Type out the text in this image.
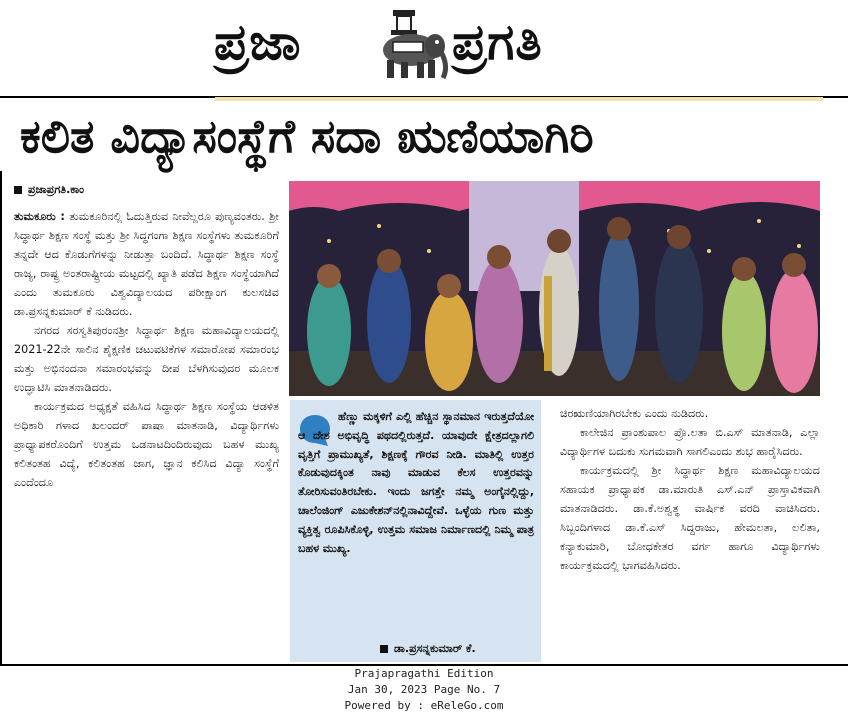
ಪ್ರಜಾ	ಪ್ರಗತಿ
ಕಲಿತ ವಿದ್ಯಾಸಂಸ್ಥೆಗೆ ಸದಾ ಋಣಿಯಾಗಿರಿ
ಪ್ರಜಾಪ್ರಗತಿ.ಕಾಂ

ತುಮಕೂರು : ತುಮಕೂರಿನಲ್ಲಿ ಓದುತ್ತಿರುವ ನೀವೆಲ್ಲರೂ ಪುಣ್ಯವಂತರು. ಶ್ರೀ ಸಿದ್ಧಾರ್ಥ ಶಿಕ್ಷಣ ಸಂಸ್ಥೆ ಮತ್ತು ಶ್ರೀ ಸಿದ್ಧಗಂಗಾ ಶಿಕ್ಷಣ ಸಂಸ್ಥೆಗಳು ತುಮಕೂರಿಗೆ ತನ್ನದೇ ಆದ ಕೊಡುಗೆಗಳನ್ನು ನೀಡುತ್ತಾ ಬಂದಿದೆ. ಸಿದ್ಧಾರ್ಥ ಶಿಕ್ಷಣ ಸಂಸ್ಥೆ ರಾಜ್ಯ, ರಾಷ್ಟ್ರ ಅಂತರಾಷ್ಟ್ರೀಯ ಮಟ್ಟದಲ್ಲಿ ಖ್ಯಾತಿ ಪಡೆದ ಶಿಕ್ಷಣ ಸಂಸ್ಥೆಯಾಗಿದೆ ಎಂದು ತುಮಕೂರು ವಿಶ್ವವಿದ್ಯಾಲಯದ ಪರೀಕ್ಷಾಂಗ ಕುಲಸಚಿವ ಡಾ.ಪ್ರಸನ್ನಕುಮಾರ್ ಕೆ ನುಡಿದರು.

ನಗರದ ಸರಸ್ವತಿಪುರಂನಶ್ರೀ ಸಿದ್ಧಾರ್ಥ ಶಿಕ್ಷಣ ಮಹಾವಿದ್ಯಾಲಯದಲ್ಲಿ 2021-22ನೇ ಸಾಲಿನ ಶೈಕ್ಷಣಿಕ ಚಟುವಟಿಕೆಗಳ ಸಮಾರೋಪ ಸಮಾರಂಭ ಮತ್ತು ಅಭಿನಂದನಾ ಸಮಾರಂಭವನ್ನು ದೀಪ ಬೆಳಗಿಸುವುದರ ಮೂಲಕ ಉದ್ಘಾಟಿಸಿ ಮಾತನಾಡಿದರು.

ಕಾರ್ಯಕ್ರಮದ ಅಧ್ಯಕ್ಷತೆ ವಹಿಸಿದ ಸಿದ್ಧಾರ್ಥ ಶಿಕ್ಷಣ ಸಂಸ್ಥೆಯ ಆಡಳಿತ ಅಧಿಕಾರಿ ಗಳಾದ ಖಲಂದರ್ ಪಾಷಾ ಮಾತನಾಡಿ, ವಿದ್ಯಾರ್ಥಿಗಳು ಪ್ರಾಧ್ಯಾಪಕರೊಂದಿಗೆ ಉತ್ತಮ ಒಡನಾಟದಿಂದಿರುವುದು ಬಹಳ ಮುಖ್ಯ ಕಲಿತಂತಹ ವಿದ್ಯೆ, ಕಲಿತಂತಹ ಜಾಗ, ಜ್ಞಾನ ಕಲಿಸಿದ ವಿದ್ಯಾ ಸಂಸ್ಥೆಗೆ ಎಂದೆಂದೂ

ಹೆಣ್ಣು ಮಕ್ಕಳಿಗೆ ಎಲ್ಲಿ ಹೆಚ್ಚಿನ ಸ್ಥಾನಮಾನ ಇರುತ್ತದೆಯೋ ಆ ದೇಶ ಅಭಿವೃದ್ಧಿ ಪಥದಲ್ಲಿರುತ್ತದೆ. ಯಾವುದೇ ಕ್ಷೇತ್ರದಲ್ಲಾಗಲಿ ವೃತ್ತಿಗೆ ಪ್ರಾಮುಖ್ಯತೆ, ಶಿಕ್ಷಣಕ್ಕೆ ಗೌರವ ನೀಡಿ. ಮಾತಿಲ್ಲಿ ಉತ್ತರ ಕೊಡುವುದಕ್ಕಿಂತ ನಾವು ಮಾಡುವ ಕೆಲಸ ಉತ್ತರವನ್ನು ತೋರಿಸುವಂತಿರಬೇಕು. ಇಂದು ಜಗತ್ತೇ ನಮ್ಮ ಅಂಗೈನಲ್ಲಿದ್ದು, ಚಾಲೆಂಜಿಂಗ್ ಎಜುಕೇಶನ್‌ನಲ್ಲಿನಾವಿದ್ದೇವೆ. ಒಳ್ಳೆಯ ಗುಣ ಮತ್ತು ವ್ಯಕ್ತಿತ್ವ ರೂಪಿಸಿಕೊಳ್ಳಿ, ಉತ್ತಮ ಸಮಾಜ ನಿರ್ಮಾಣದಲ್ಲಿ ನಿಮ್ಮ ಪಾತ್ರ ಬಹಳ ಮುಖ್ಯ.
ಡಾ.ಪ್ರಸನ್ನಕುಮಾರ್ ಕೆ.

ಚಿರಋಣಿಯಾಗಿರಬೇಕು ಎಂದು ನುಡಿದರು.

ಕಾಲೇಜಿನ ಪ್ರಾಂಶುಪಾಲ ಪ್ರೊ.ಲತಾ ಬಿ.ಎಸ್ ಮಾತನಾಡಿ, ಎಲ್ಲಾ ವಿದ್ಯಾರ್ಥಿಗಳ ಬದುಕು ಸುಗಮವಾಗಿ ಸಾಗಲಿಎಂದು ಶುಭ ಹಾರೈಸಿದರು.

ಕಾರ್ಯಕ್ರಮದಲ್ಲಿ ಶ್ರೀ ಸಿದ್ಧಾರ್ಥ ಶಿಕ್ಷಣ ಮಹಾವಿದ್ಯಾಲಯದ ಸಹಾಯಕ ಪ್ರಾಧ್ಯಾಪಕ ಡಾ.ಮಾರುತಿ ಎಸ್.ಎನ್ ಪ್ರಾಸ್ತಾವಿಕವಾಗಿ ಮಾತನಾಡಿದರು. ಡಾ.ಕೆ.ಅಶ್ವತ್ಥ ವಾರ್ಷಿಕ ವರದಿ ವಾಚಿಸಿದರು. ಸಿಬ್ಬಂದಿಗಳಾದ ಡಾ.ಕೆ.ಎಸ್ ಸಿದ್ದರಾಜು, ಹೇಮಲತಾ, ಲಲಿತಾ, ಕನ್ಯಾಕುಮಾರಿ, ಬೋಧಕೇತರ ವರ್ಗ ಹಾಗೂ ವಿದ್ಯಾರ್ಥಿಗಳು ಕಾರ್ಯಕ್ರಮದಲ್ಲಿ ಭಾಗವಹಿಸಿದರು.

Prajapragathi Edition
Jan 30, 2023 Page No. 7
Powered by : eReleGo.com
